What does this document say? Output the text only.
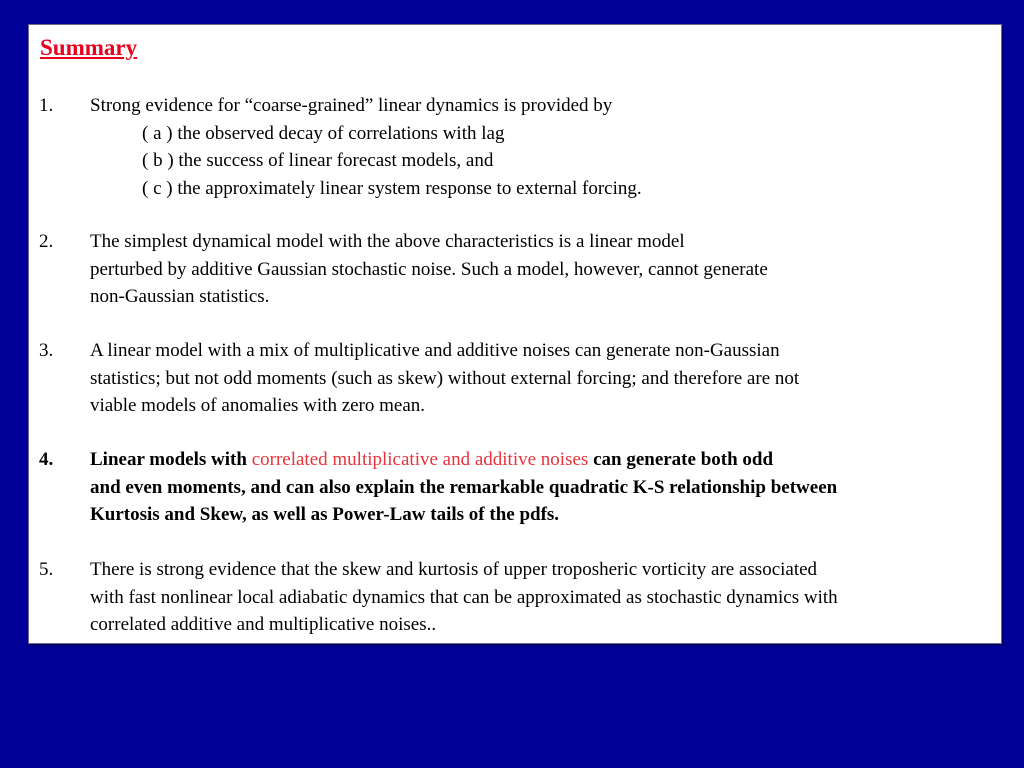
Summary
1. Strong evidence for “coarse-grained” linear dynamics is provided by
( a ) the observed decay of correlations with lag
( b ) the success of linear forecast models, and
( c ) the approximately linear system response to external forcing.
2. The simplest dynamical model with the above characteristics is a linear model
perturbed by additive Gaussian stochastic noise. Such a model, however, cannot generate
non-Gaussian statistics.
3. A linear model with a mix of multiplicative and additive noises can generate non-Gaussian
statistics; but not odd moments (such as skew) without external forcing; and therefore are not
viable models of anomalies with zero mean.
4. Linear models with correlated multiplicative and additive noises can generate both odd
and even moments, and can also explain the remarkable quadratic K-S relationship between
Kurtosis and Skew, as well as Power-Law tails of the pdfs.
5. There is strong evidence that the skew and kurtosis of upper troposheric vorticity are associated
with fast nonlinear local adiabatic dynamics that can be approximated as stochastic dynamics with
correlated additive and multiplicative noises..
